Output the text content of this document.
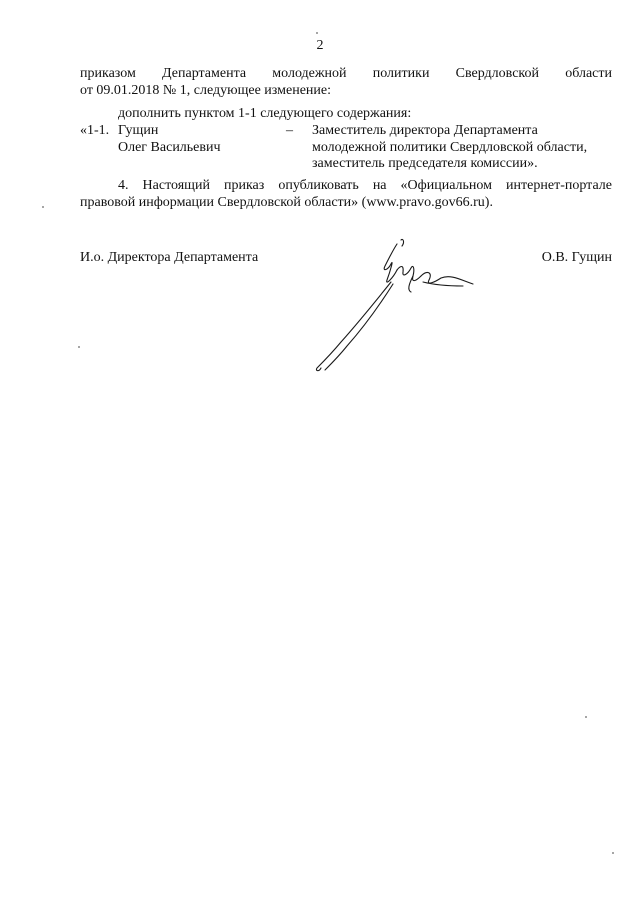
2
приказом Департамента молодежной политики Свердловской области
от 09.01.2018 № 1, следующее изменение:
дополнить пунктом 1-1 следующего содержания:
«1-1. Гущин
Олег Васильевич
– Заместитель директора Департамента
молодежной политики Свердловской области,
заместитель председателя комиссии».
4. Настоящий приказ опубликовать на «Официальном интернет-портале
правовой информации Свердловской области» (www.pravo.gov66.ru).
И.о. Директора Департамента	О.В. Гущин
